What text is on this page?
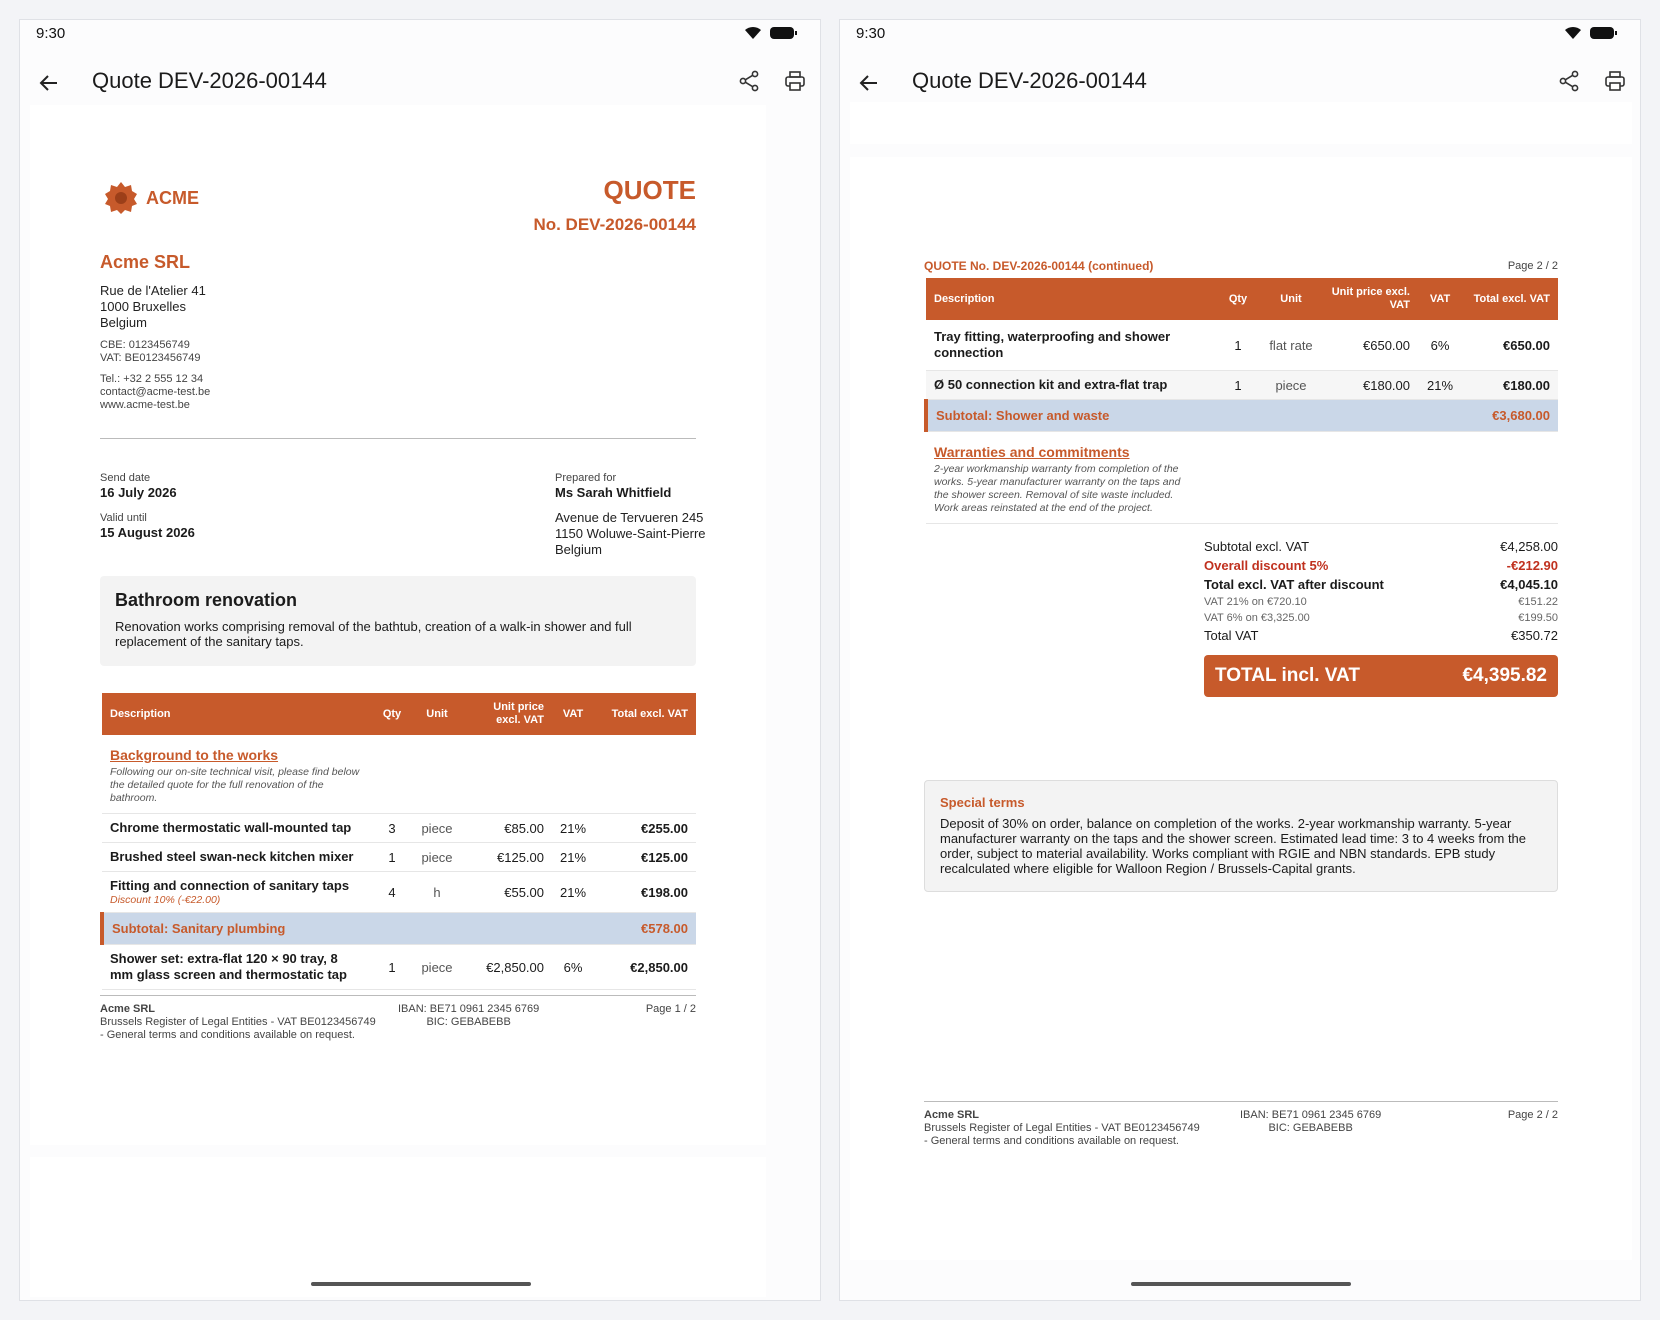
9:30
Quote DEV-2026-00144
ACME	QUOTE
No. DEV-2026-00144
Acme SRL
Rue de l'Atelier 41
1000 Bruxelles
Belgium
CBE: 0123456749
VAT: BE0123456749
Tel.: +32 2 555 12 34
contact@acme-test.be
www.acme-test.be
Send date
16 July 2026
Valid until
15 August 2026
Prepared for
Ms Sarah Whitfield
Avenue de Tervueren 245
1150 Woluwe-Saint-Pierre
Belgium
Bathroom renovation
Renovation works comprising removal of the bathtub, creation of a walk-in shower and full replacement of the sanitary taps.
Description	Qty	Unit	Unit price excl. VAT	VAT	Total excl. VAT

Background to the works
Following our on-site technical visit, please find below the detailed quote for the full renovation of the bathroom.					

Chrome thermostatic wall-mounted tap	3	piece	€85.00	21%	€255.00
Brushed steel swan-neck kitchen mixer	1	piece	€125.00	21%	€125.00

Fitting and connection of sanitary taps
Discount 10% (-€22.00)	4	h	€55.00	21%	€198.00
Subtotal: Sanitary plumbing					€578.00
Shower set: extra-flat 120 × 90 tray, 8 mm glass screen and thermostatic tap	1	piece	€2,850.00	6%	€2,850.00
Acme SRL
Brussels Register of Legal Entities - VAT BE0123456749
- General terms and conditions available on request.
IBAN: BE71 0961 2345 6769
BIC: GEBABEBB
Page 1 / 2
9:30
Quote DEV-2026-00144
QUOTE No. DEV-2026-00144 (continued)	Page 2 / 2
Description	Qty	Unit	Unit price excl. VAT	VAT	Total excl. VAT
Tray fitting, waterproofing and shower connection	1	flat rate	€650.00	6%	€650.00
Ø 50 connection kit and extra-flat trap	1	piece	€180.00	21%	€180.00
Subtotal: Shower and waste					€3,680.00

Warranties and commitments
2-year workmanship warranty from completion of the works. 5-year manufacturer warranty on the taps and the shower screen. Removal of site waste included. Work areas reinstated at the end of the project.					
Subtotal excl. VAT	€4,258.00
Overall discount 5%	-€212.90
Total excl. VAT after discount	€4,045.10
VAT 21% on €720.10	€151.22
VAT 6% on €3,325.00	€199.50
Total VAT	€350.72
TOTAL incl. VAT	€4,395.82
Special terms
Deposit of 30% on order, balance on completion of the works. 2-year workmanship warranty. 5-year manufacturer warranty on the taps and the shower screen. Estimated lead time: 3 to 4 weeks from the order, subject to material availability. Works compliant with RGIE and NBN standards. EPB study recalculated where eligible for Walloon Region / Brussels-Capital grants.
Acme SRL
Brussels Register of Legal Entities - VAT BE0123456749
- General terms and conditions available on request.
IBAN: BE71 0961 2345 6769
BIC: GEBABEBB
Page 2 / 2
